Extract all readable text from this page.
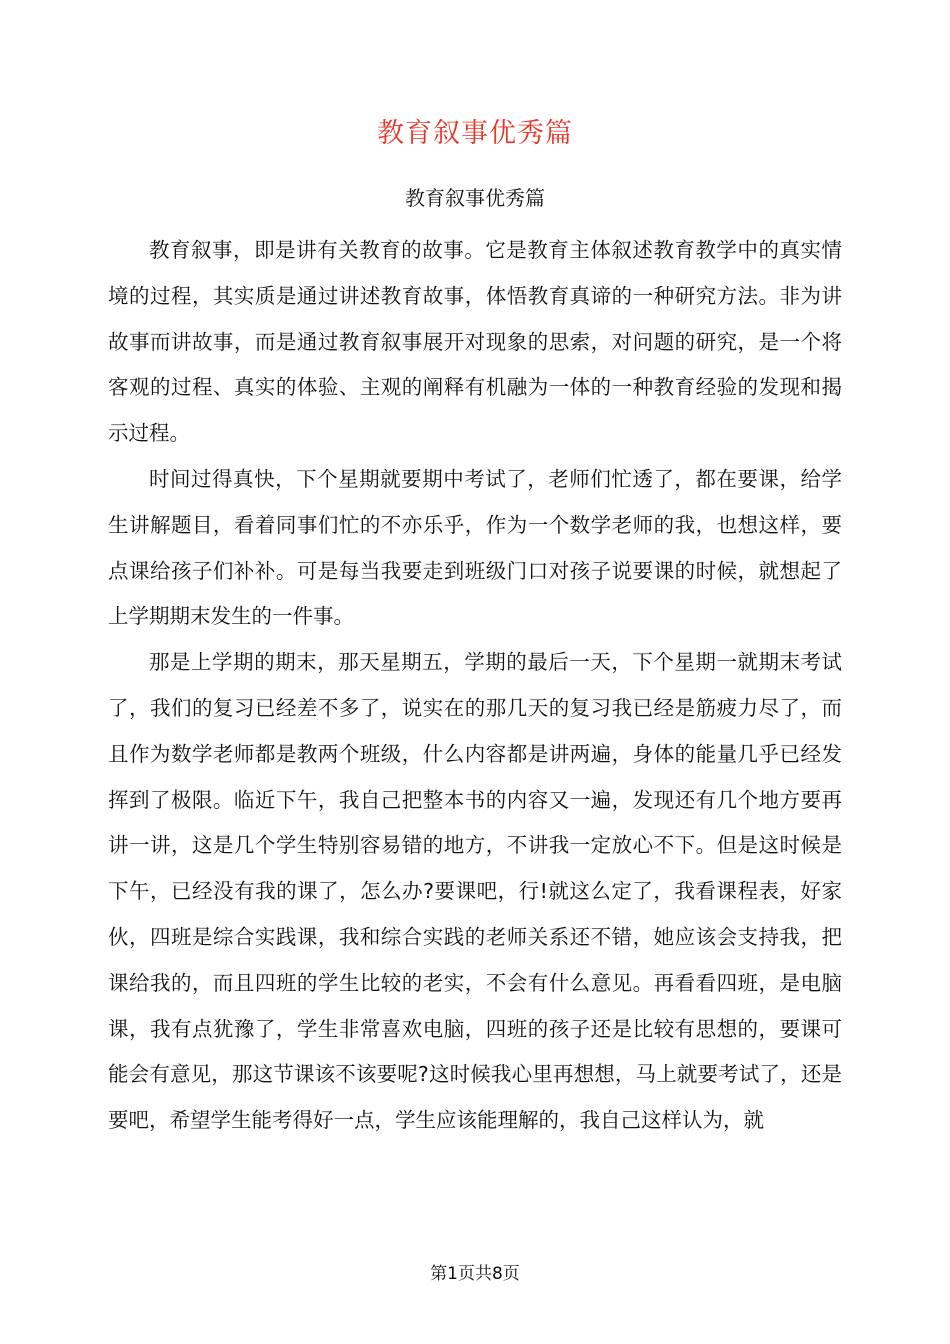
教育叙事优秀篇
教育叙事优秀篇

教育叙事，即是讲有关教育的故事。它是教育主体叙述教育教学中的真实情境的过程，其实质是通过讲述教育故事，体悟教育真谛的一种研究方法。非为讲故事而讲故事，而是通过教育叙事展开对现象的思索，对问题的研究，是一个将客观的过程、真实的体验、主观的阐释有机融为一体的一种教育经验的发现和揭示过程。

时间过得真快，下个星期就要期中考试了，老师们忙透了，都在要课，给学生讲解题目，看着同事们忙的不亦乐乎，作为一个数学老师的我，也想这样，要点课给孩子们补补。可是每当我要走到班级门口对孩子说要课的时候，就想起了上学期期末发生的一件事。

那是上学期的期末，那天星期五，学期的最后一天，下个星期一就期末考试了，我们的复习已经差不多了，说实在的那几天的复习我已经是筋疲力尽了，而且作为数学老师都是教两个班级，什么内容都是讲两遍，身体的能量几乎已经发挥到了极限。临近下午，我自己把整本书的内容又一遍，发现还有几个地方要再讲一讲，这是几个学生特别容易错的地方，不讲我一定放心不下。但是这时候是下午，已经没有我的课了，怎么办?要课吧，行!就这么定了，我看课程表，好家伙，四班是综合实践课，我和综合实践的老师关系还不错，她应该会支持我，把课给我的，而且四班的学生比较的老实，不会有什么意见。再看看四班，是电脑课，我有点犹豫了，学生非常喜欢电脑，四班的孩子还是比较有思想的，要课可能会有意见，那这节课该不该要呢?这时候我心里再想想，马上就要考试了，还是要吧，希望学生能考得好一点，学生应该能理解的，我自己这样认为，就

第1页共8页
